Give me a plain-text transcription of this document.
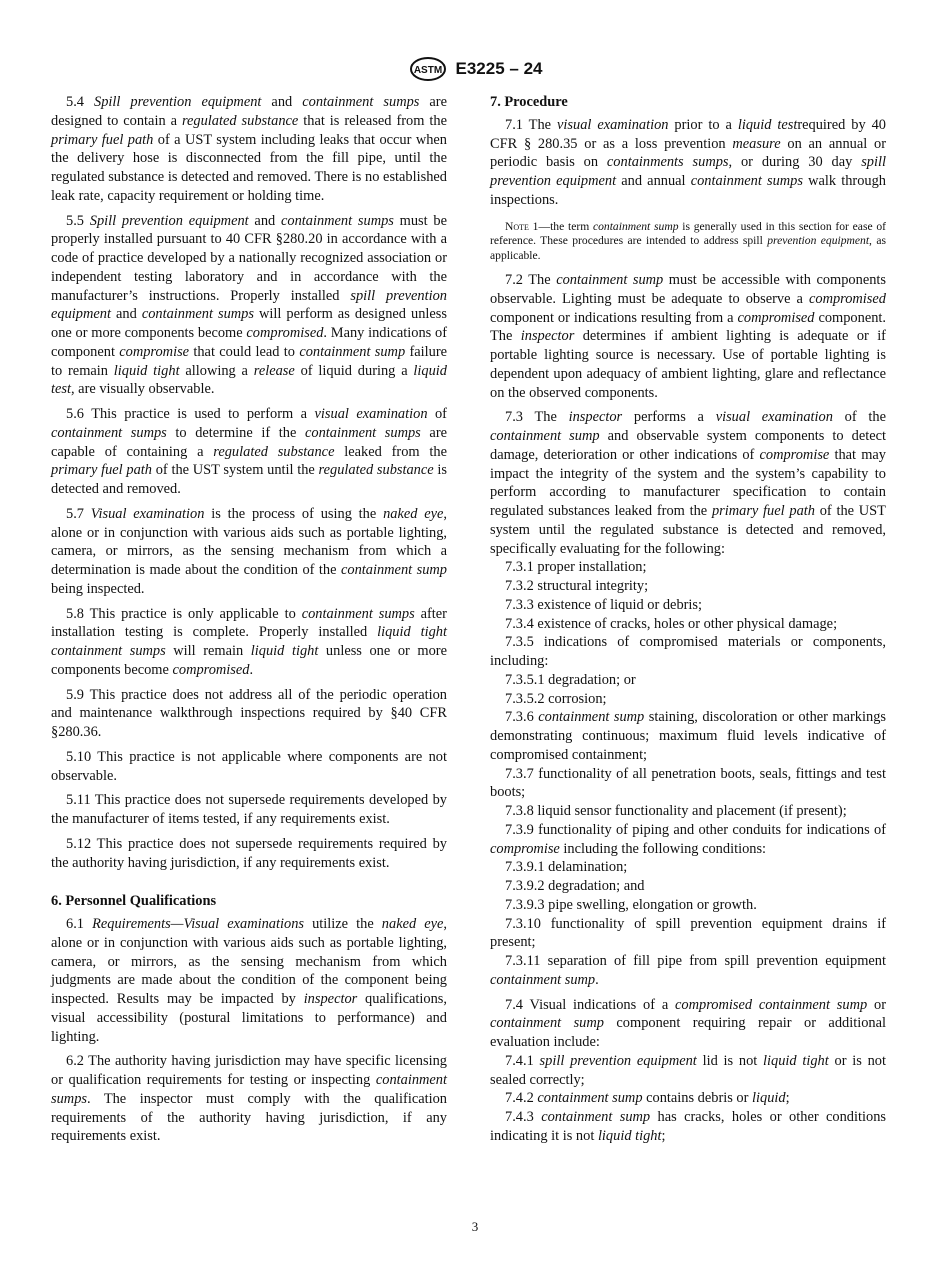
ASTM E3225 – 24
5.4 Spill prevention equipment and containment sumps are designed to contain a regulated substance that is released from the primary fuel path of a UST system including leaks that occur when the delivery hose is disconnected from the fill pipe, until the regulated substance is detected and removed. There is no established leak rate, capacity requirement or holding time.
5.5 Spill prevention equipment and containment sumps must be properly installed pursuant to 40 CFR §280.20 in accordance with a code of practice developed by a nationally recognized association or independent testing laboratory and in accordance with the manufacturer’s instructions. Properly installed spill prevention equipment and containment sumps will perform as designed unless one or more components become compromised. Many indications of component compromise that could lead to containment sump failure to remain liquid tight allowing a release of liquid during a liquid test, are visually observable.
5.6 This practice is used to perform a visual examination of containment sumps to determine if the containment sumps are capable of containing a regulated substance leaked from the primary fuel path of the UST system until the regulated substance is detected and removed.
5.7 Visual examination is the process of using the naked eye, alone or in conjunction with various aids such as portable lighting, camera, or mirrors, as the sensing mechanism from which a determination is made about the condition of the containment sump being inspected.
5.8 This practice is only applicable to containment sumps after installation testing is complete. Properly installed liquid tight containment sumps will remain liquid tight unless one or more components become compromised.
5.9 This practice does not address all of the periodic operation and maintenance walkthrough inspections required by §40 CFR §280.36.
5.10 This practice is not applicable where components are not observable.
5.11 This practice does not supersede requirements developed by the manufacturer of items tested, if any requirements exist.
5.12 This practice does not supersede requirements required by the authority having jurisdiction, if any requirements exist.
6. Personnel Qualifications
6.1 Requirements—Visual examinations utilize the naked eye, alone or in conjunction with various aids such as portable lighting, camera, or mirrors, as the sensing mechanism from which judgments are made about the condition of the component being inspected. Results may be impacted by inspector qualifications, visual accessibility (postural limitations to performance) and lighting.
6.2 The authority having jurisdiction may have specific licensing or qualification requirements for testing or inspecting containment sumps. The inspector must comply with the qualification requirements of the authority having jurisdiction, if any requirements exist.
7. Procedure
7.1 The visual examination prior to a liquid testrequired by 40 CFR § 280.35 or as a loss prevention measure on an annual or periodic basis on containments sumps, or during 30 day spill prevention equipment and annual containment sumps walk through inspections.
Note 1—the term containment sump is generally used in this section for ease of reference. These procedures are intended to address spill prevention equipment, as applicable.
7.2 The containment sump must be accessible with components observable. Lighting must be adequate to observe a compromised component or indications resulting from a compromised component. The inspector determines if ambient lighting is adequate or if portable lighting source is necessary. Use of portable lighting is dependent upon adequacy of ambient lighting, glare and reflectance on the observed components.
7.3 The inspector performs a visual examination of the containment sump and observable system components to detect damage, deterioration or other indications of compromise that may impact the integrity of the system and the system’s capability to perform according to manufacturer specification to contain regulated substances leaked from the primary fuel path of the UST system until the regulated substance is detected and removed, specifically evaluating for the following:
7.3.1 proper installation;
7.3.2 structural integrity;
7.3.3 existence of liquid or debris;
7.3.4 existence of cracks, holes or other physical damage;
7.3.5 indications of compromised materials or components, including:
7.3.5.1 degradation; or
7.3.5.2 corrosion;
7.3.6 containment sump staining, discoloration or other markings demonstrating continuous; maximum fluid levels indicative of compromised containment;
7.3.7 functionality of all penetration boots, seals, fittings and test boots;
7.3.8 liquid sensor functionality and placement (if present);
7.3.9 functionality of piping and other conduits for indications of compromise including the following conditions:
7.3.9.1 delamination;
7.3.9.2 degradation; and
7.3.9.3 pipe swelling, elongation or growth.
7.3.10 functionality of spill prevention equipment drains if present;
7.3.11 separation of fill pipe from spill prevention equipment containment sump.
7.4 Visual indications of a compromised containment sump or containment sump component requiring repair or additional evaluation include:
7.4.1 spill prevention equipment lid is not liquid tight or is not sealed correctly;
7.4.2 containment sump contains debris or liquid;
7.4.3 containment sump has cracks, holes or other conditions indicating it is not liquid tight;
3
